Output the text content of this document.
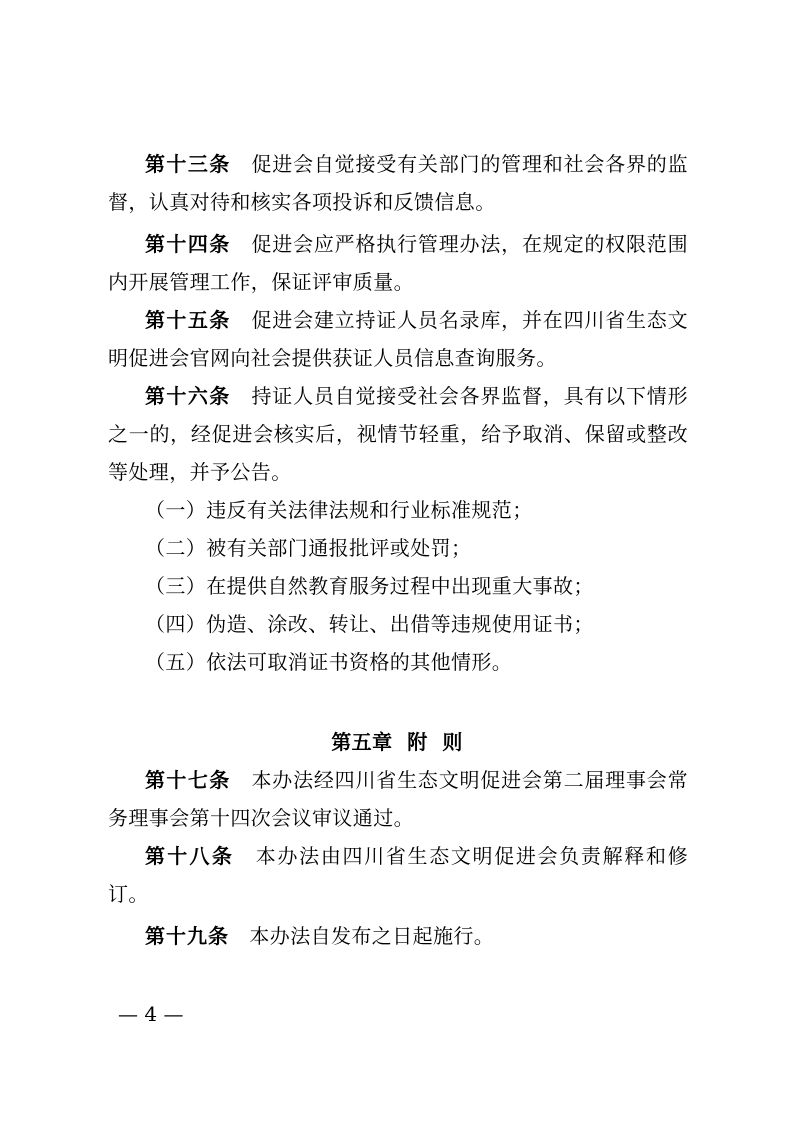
第十三条　 促进会自觉接受有关部门的管理和社会各界的监
督，认真对待和核实各项投诉和反馈信息。
第十四条　 促进会应严格执行管理办法，在规定的权限范围
内开展管理工作，保证评审质量。
第十五条　 促进会建立持证人员名录库，并在四川省生态文
明促进会官网向社会提供获证人员信息查询服务。
第十六条　 持证人员自觉接受社会各界监督，具有以下情形
之一的，经促进会核实后，视情节轻重，给予取消、保留或整改
等处理，并予公告。
（一）违反有关法律法规和行业标准规范；
（二）被有关部门通报批评或处罚；
（三）在提供自然教育服务过程中出现重大事故；
（四）伪造、涂改、转让、出借等违规使用证书；
（五）依法可取消证书资格的其他情形。
第五章  附  则
第十七条　 本办法经四川省生态文明促进会第二届理事会常
务理事会第十四次会议审议通过。
第十八条　 本办法由四川省生态文明促进会负责解释和修
订。
第十九条　 本办法自发布之日起施行。
— 4 —
